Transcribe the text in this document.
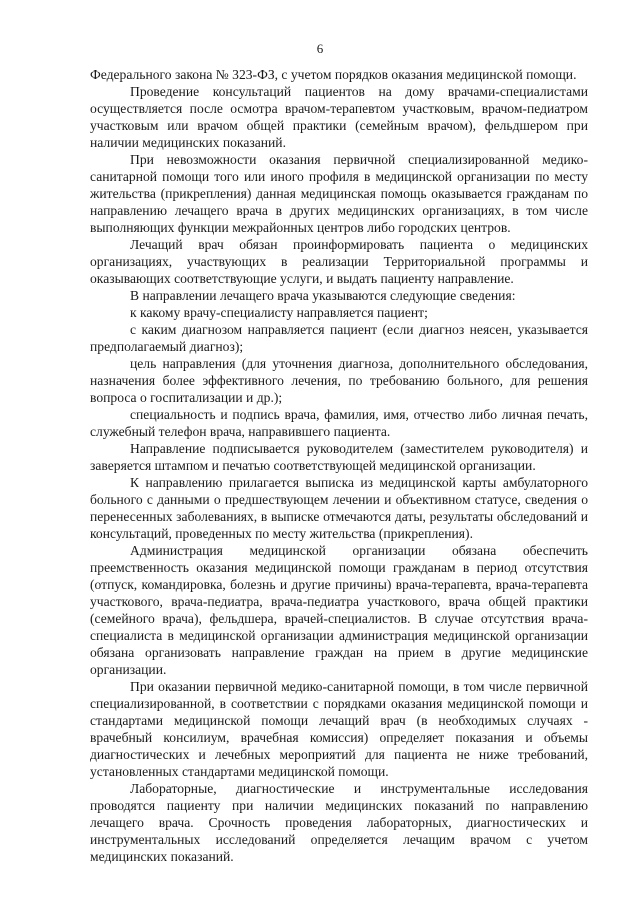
6

Федерального закона № 323-ФЗ, с учетом порядков оказания медицинской помощи.

Проведение консультаций пациентов на дому врачами-специалистами осуществляется после осмотра врачом-терапевтом участковым, врачом-педиатром участковым или врачом общей практики (семейным врачом), фельдшером при наличии медицинских показаний.

При невозможности оказания первичной специализированной медико-санитарной помощи того или иного профиля в медицинской организации по месту жительства (прикрепления) данная медицинская помощь оказывается гражданам по направлению лечащего врача в других медицинских организациях, в том числе выполняющих функции межрайонных центров либо городских центров.

Лечащий врач обязан проинформировать пациента о медицинских организациях, участвующих в реализации Территориальной программы и оказывающих соответствующие услуги, и выдать пациенту направление.

В направлении лечащего врача указываются следующие сведения:

к какому врачу-специалисту направляется пациент;

с каким диагнозом направляется пациент (если диагноз неясен, указывается предполагаемый диагноз);

цель направления (для уточнения диагноза, дополнительного обследования, назначения более эффективного лечения, по требованию больного, для решения вопроса о госпитализации и др.);

специальность и подпись врача, фамилия, имя, отчество либо личная печать, служебный телефон врача, направившего пациента.

Направление подписывается руководителем (заместителем руководителя) и заверяется штампом и печатью соответствующей медицинской организации.

К направлению прилагается выписка из медицинской карты амбулаторного больного с данными о предшествующем лечении и объективном статусе, сведения о перенесенных заболеваниях, в выписке отмечаются даты, результаты обследований и консультаций, проведенных по месту жительства (прикрепления).

Администрация медицинской организации обязана обеспечить преемственность оказания медицинской помощи гражданам в период отсутствия (отпуск, командировка, болезнь и другие причины) врача-терапевта, врача-терапевта участкового, врача-педиатра, врача-педиатра участкового, врача общей практики (семейного врача), фельдшера, врачей-специалистов. В случае отсутствия врача-специалиста в медицинской организации администрация медицинской организации обязана организовать направление граждан на прием в другие медицинские организации.

При оказании первичной медико-санитарной помощи, в том числе первичной специализированной, в соответствии с порядками оказания медицинской помощи и стандартами медицинской помощи лечащий врач (в необходимых случаях - врачебный консилиум, врачебная комиссия) определяет показания и объемы диагностических и лечебных мероприятий для пациента не ниже требований, установленных стандартами медицинской помощи.

Лабораторные, диагностические и инструментальные исследования проводятся пациенту при наличии медицинских показаний по направлению лечащего врача. Срочность проведения лабораторных, диагностических и инструментальных исследований определяется лечащим врачом с учетом медицинских показаний.
